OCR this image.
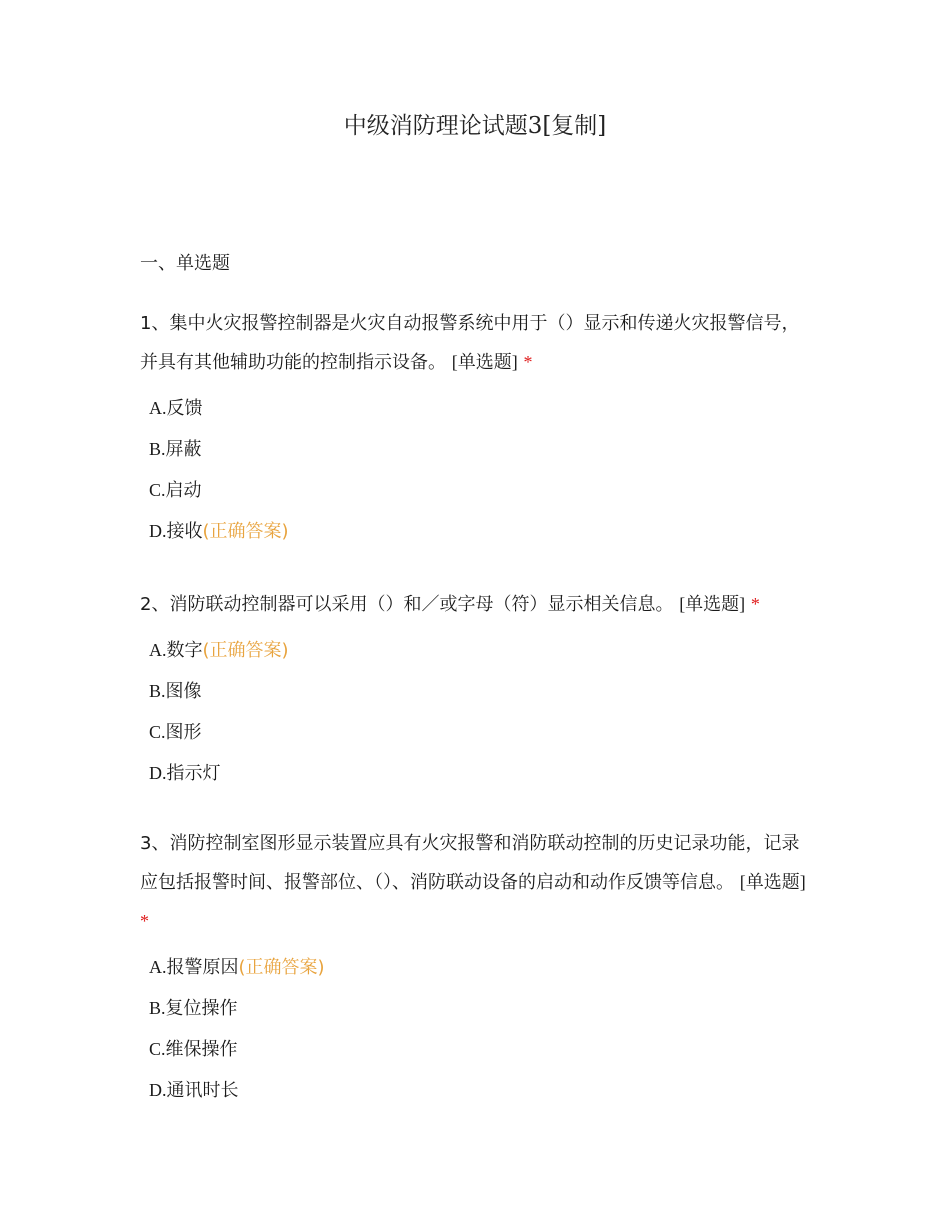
中级消防理论试题3[复制]
一、单选题

1、集中火灾报警控制器是火灾自动报警系统中用于（）显示和传递火灾报警信号，并具有其他辅助功能的控制指示设备。 [单选题] *

A.反馈
B.屏蔽
C.启动
D.接收(正确答案)

2、消防联动控制器可以采用（）和／或字母（符）显示相关信息。 [单选题] *

A.数字(正确答案)
B.图像
C.图形
D.指示灯

3、消防控制室图形显示装置应具有火灾报警和消防联动控制的历史记录功能，记录应包括报警时间、报警部位、（）、消防联动设备的启动和动作反馈等信息。 [单选题] *

A.报警原因(正确答案)
B.复位操作
C.维保操作
D.通讯时长
